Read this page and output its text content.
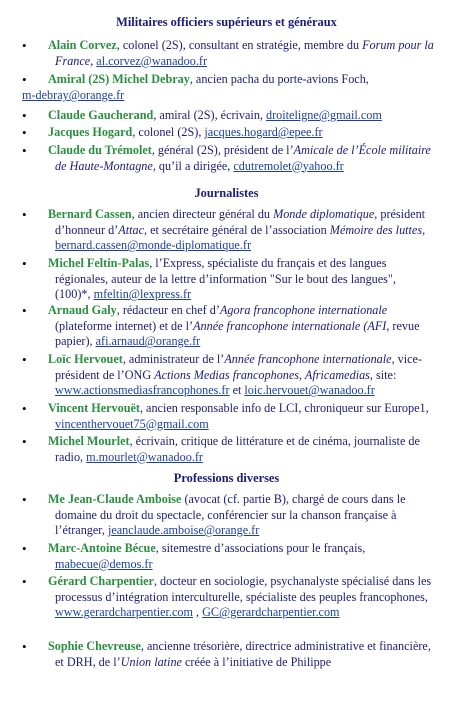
Militaires officiers supérieurs et généraux
•	Alain Corvez, colonel (2S), consultant en stratégie, membre du Forum pour la France, al.corvez@wanadoo.fr
•	Amiral (2S) Michel Debray, ancien pacha du porte-avions Foch,
m-debray@orange.fr
•	Claude Gaucherand, amiral (2S), écrivain, droiteligne@gmail.com
•	Jacques Hogard, colonel (2S), jacques.hogard@epee.fr
•	Claude du Trémolet, général (2S), président de l’Amicale de l’École militaire de Haute-Montagne, qu’il a dirigée, cdutremolet@yahoo.fr
Journalistes
•	Bernard Cassen, ancien directeur général du Monde diplomatique, président d’honneur d’Attac, et secrétaire général de l’association Mémoire des luttes, bernard.cassen@monde-diplomatique.fr
•	Michel Feltin-Palas, l’Express, spécialiste du français et des langues régionales, auteur de la lettre d’information "Sur le bout des langues", (100)*, mfeltin@lexpress.fr
•	Arnaud Galy, rédacteur en chef d’Agora francophone internationale (plateforme internet) et de l’Année francophone internationale (AFI, revue papier), afi.arnaud@orange.fr
•	Loïc Hervouet, administrateur de l’Année francophone internationale, vice-président de l’ONG Actions Medias francophones, Africamedias, site: www.actionsmediasfrancophones.fr et loic.hervouet@wanadoo.fr
•	Vincent Hervouët, ancien responsable info de LCI, chroniqueur sur Europe1, vincenthervouet75@gmail.com
•	Michel Mourlet, écrivain, critique de littérature et de cinéma, journaliste de radio, m.mourlet@wanadoo.fr
Professions diverses
•	Me Jean-Claude Amboise (avocat (cf. partie B), chargé de cours dans le domaine du droit du spectacle, conférencier sur la chanson française à l’étranger, jeanclaude.amboise@orange.fr
•	Marc-Antoine Bécue, sitemestre d’associations pour le français, mabecue@demos.fr
•	Gérard Charpentier, docteur en sociologie, psychanalyste spécialisé dans les processus d’intégration interculturelle, spécialiste des peuples francophones, www.gerardcharpentier.com , GC@gerardcharpentier.com
•	Sophie Chevreuse, ancienne trésorière, directrice administrative et financière, et DRH, de l’Union latine créée à l’initiative de Philippe
